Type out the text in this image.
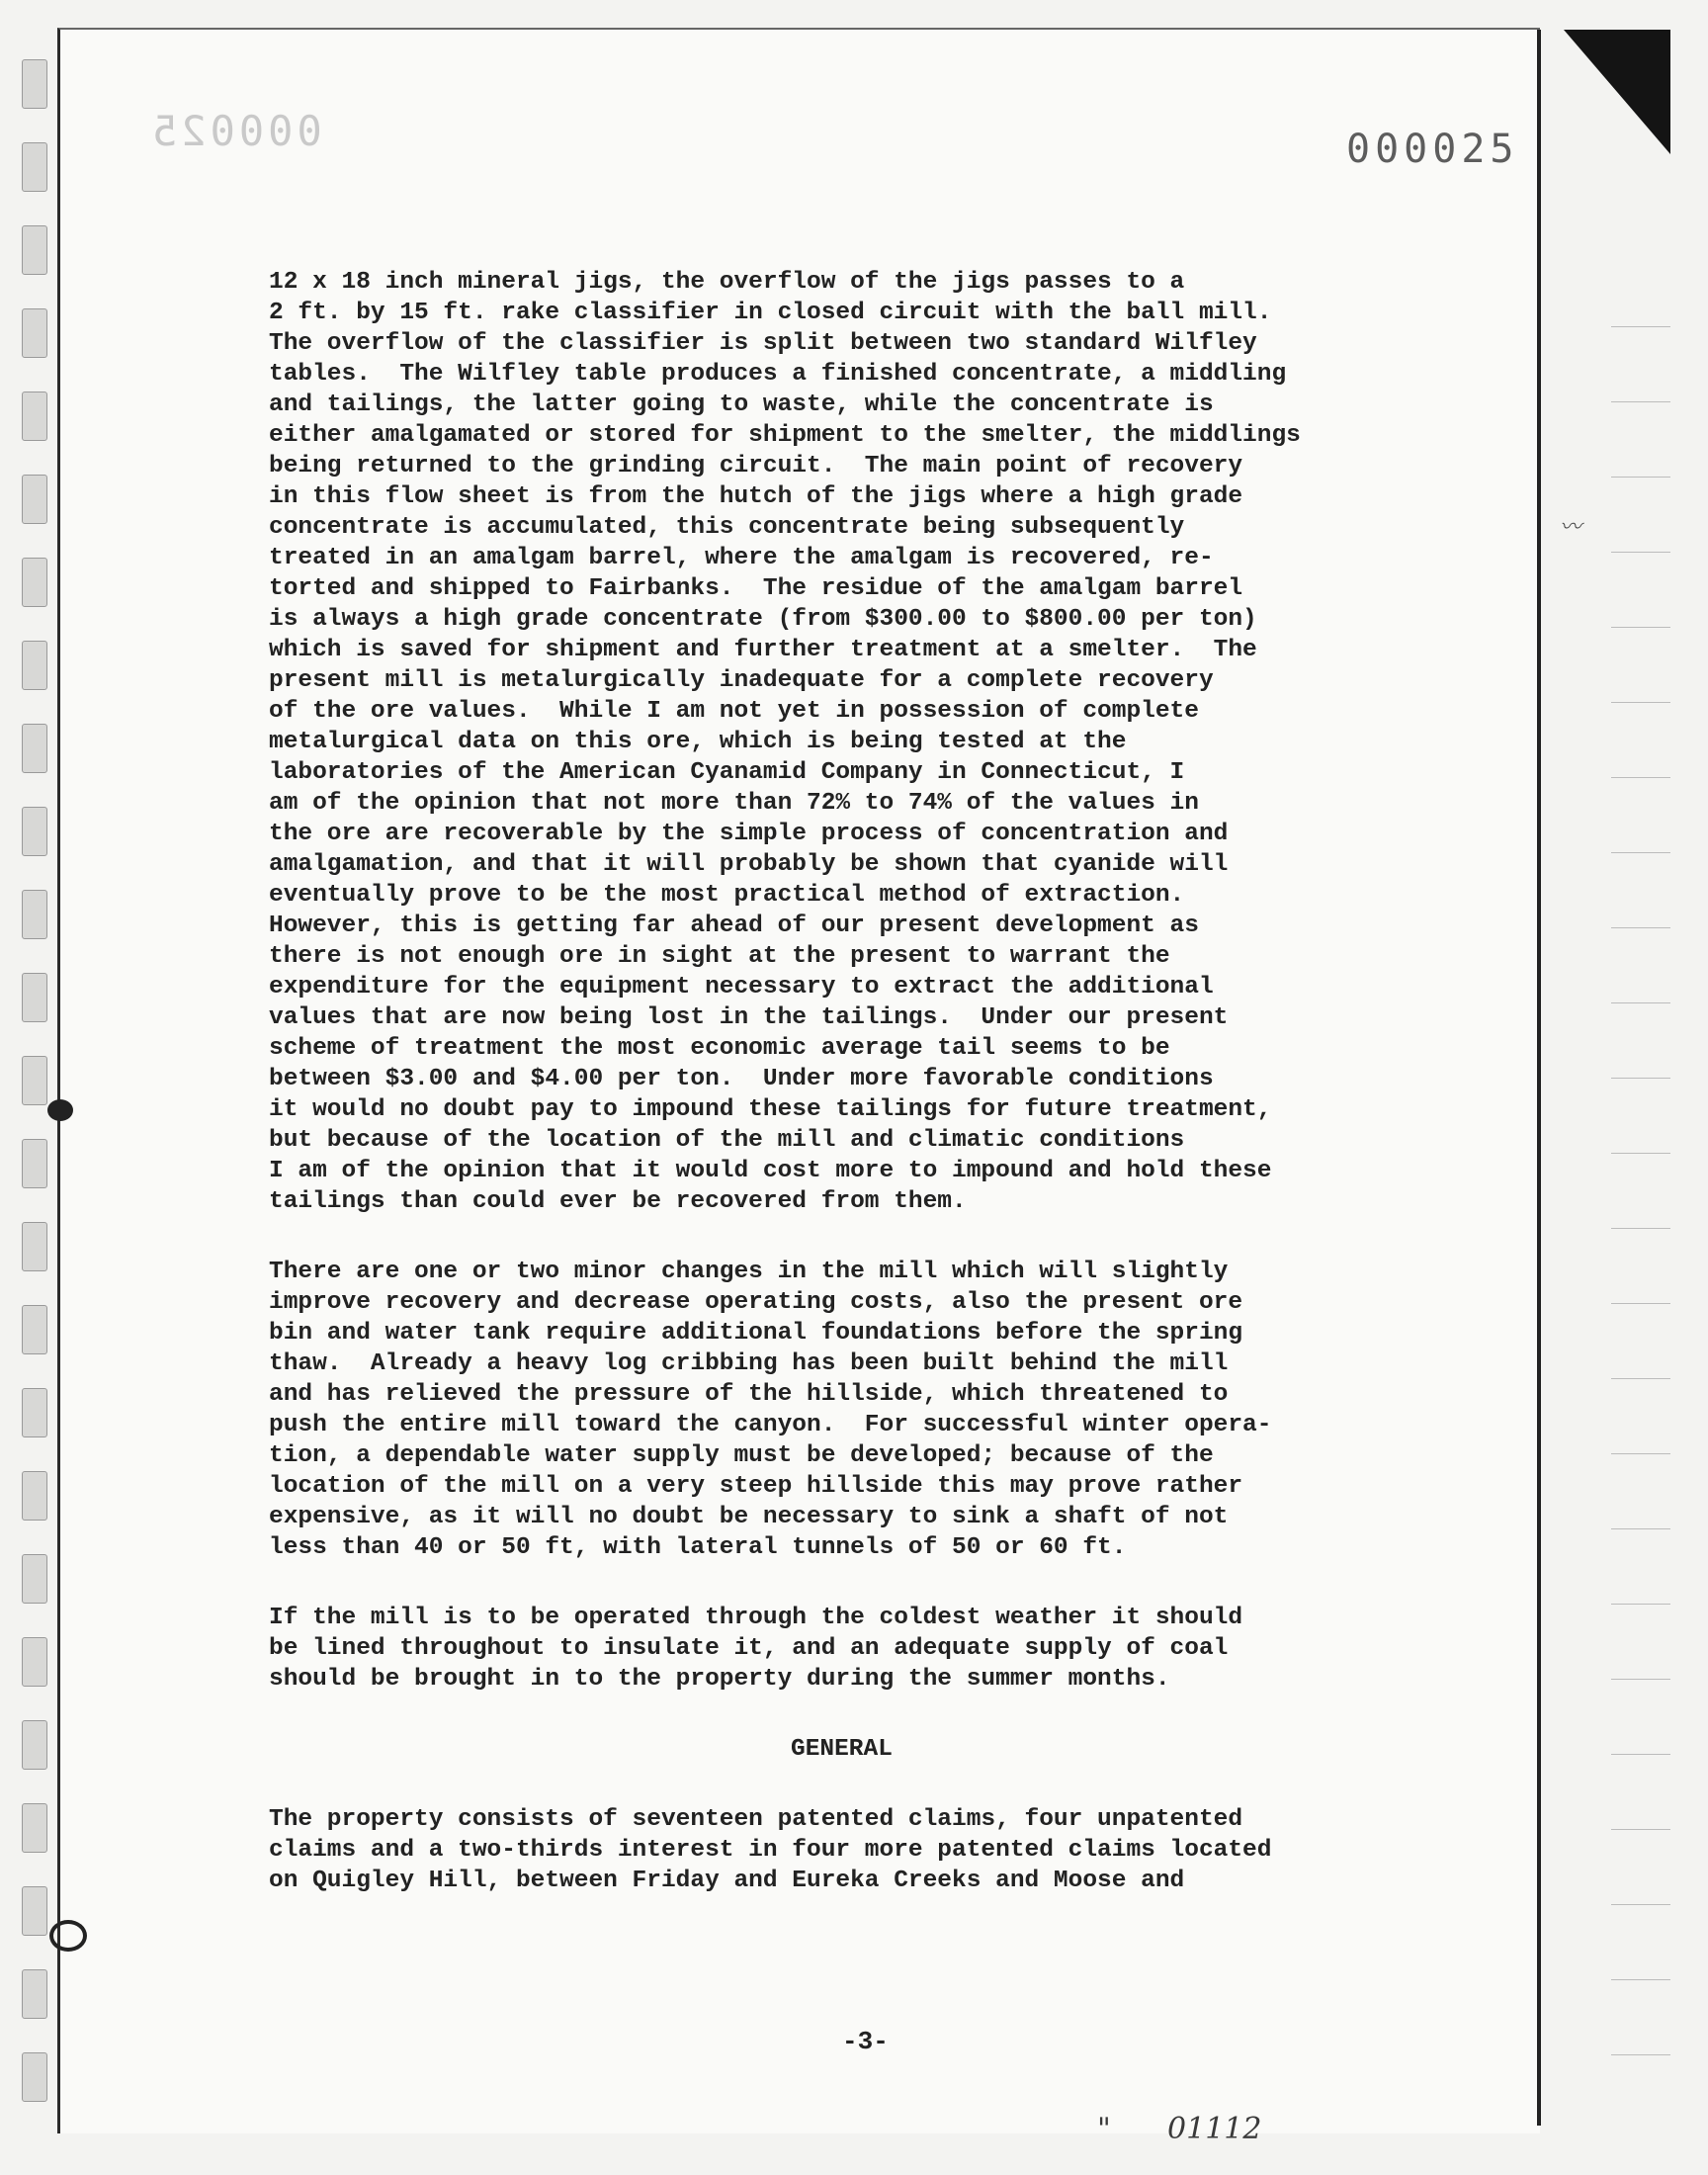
000025	000025
〰
12 x 18 inch mineral jigs, the overflow of the jigs passes to a
2 ft. by 15 ft. rake classifier in closed circuit with the ball mill.
The overflow of the classifier is split between two standard Wilfley
tables.  The Wilfley table produces a finished concentrate, a middling
and tailings, the latter going to waste, while the concentrate is
either amalgamated or stored for shipment to the smelter, the middlings
being returned to the grinding circuit.  The main point of recovery
in this flow sheet is from the hutch of the jigs where a high grade
concentrate is accumulated, this concentrate being subsequently
treated in an amalgam barrel, where the amalgam is recovered, re-
torted and shipped to Fairbanks.  The residue of the amalgam barrel
is always a high grade concentrate (from $300.00 to $800.00 per ton)
which is saved for shipment and further treatment at a smelter.  The
present mill is metalurgically inadequate for a complete recovery
of the ore values.  While I am not yet in possession of complete
metalurgical data on this ore, which is being tested at the
laboratories of the American Cyanamid Company in Connecticut, I
am of the opinion that not more than 72% to 74% of the values in
the ore are recoverable by the simple process of concentration and
amalgamation, and that it will probably be shown that cyanide will
eventually prove to be the most practical method of extraction.
However, this is getting far ahead of our present development as
there is not enough ore in sight at the present to warrant the
expenditure for the equipment necessary to extract the additional
values that are now being lost in the tailings.  Under our present
scheme of treatment the most economic average tail seems to be
between $3.00 and $4.00 per ton.  Under more favorable conditions
it would no doubt pay to impound these tailings for future treatment,
but because of the location of the mill and climatic conditions
I am of the opinion that it would cost more to impound and hold these
tailings than could ever be recovered from them.
There are one or two minor changes in the mill which will slightly
improve recovery and decrease operating costs, also the present ore
bin and water tank require additional foundations before the spring
thaw.  Already a heavy log cribbing has been built behind the mill
and has relieved the pressure of the hillside, which threatened to
push the entire mill toward the canyon.  For successful winter opera-
tion, a dependable water supply must be developed; because of the
location of the mill on a very steep hillside this may prove rather
expensive, as it will no doubt be necessary to sink a shaft of not
less than 40 or 50 ft, with lateral tunnels of 50 or 60 ft.
If the mill is to be operated through the coldest weather it should
be lined throughout to insulate it, and an adequate supply of coal
should be brought in to the property during the summer months.
GENERAL
The property consists of seventeen patented claims, four unpatented
claims and a two-thirds interest in four more patented claims located
on Quigley Hill, between Friday and Eureka Creeks and Moose and
-3-
"      01112
